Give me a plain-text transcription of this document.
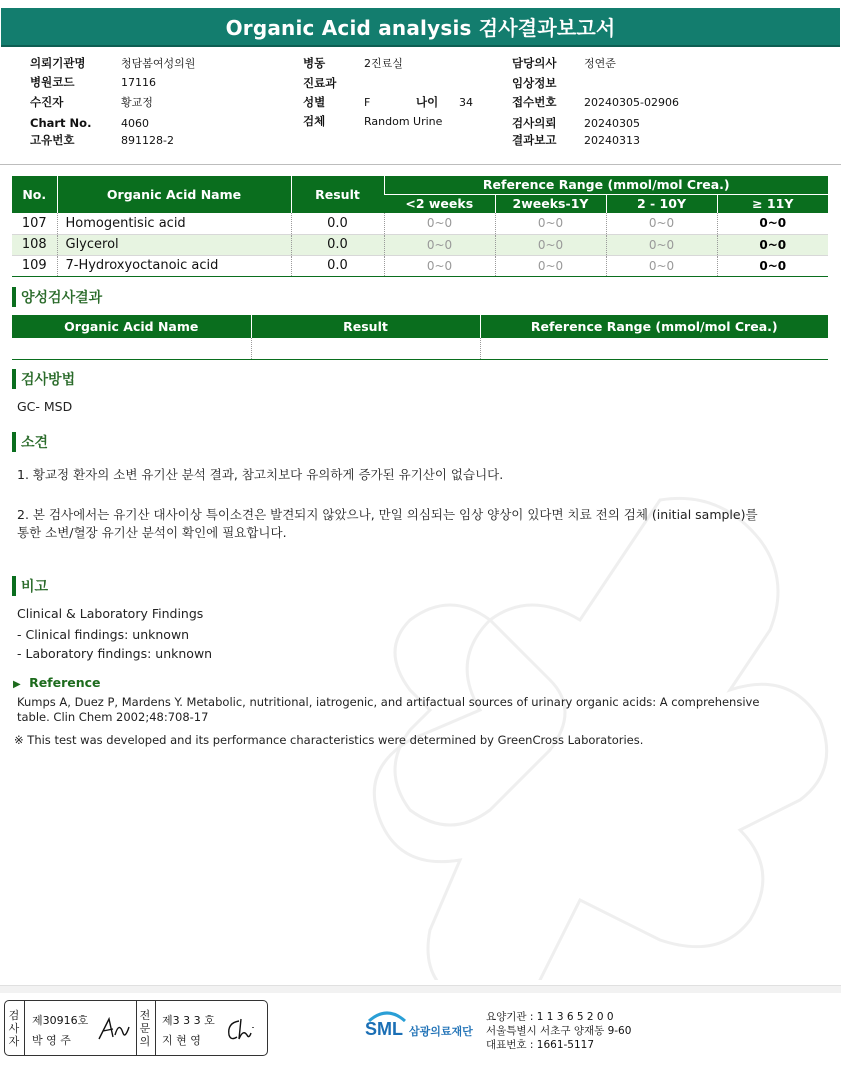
Organic Acid analysis 검사결과보고서
의뢰기관명	청담봄여성의원
병원코드	17116
수진자	황교정
Chart No.	4060
고유번호	891128-2
병동	2진료실
진료과
성별	F	나이 34
검체	Random Urine
담당의사	정연준
임상정보
접수번호	20240305-02906
검사의뢰	20240305
결과보고	20240313
No.	Organic Acid Name	Result	Reference Range (mmol/mol Crea.)			
			<2 weeks	2weeks-1Y	2 - 10Y	≥ 11Y
107	Homogentisic acid	0.0	0~0	0~0	0~0	0~0
108	Glycerol	0.0	0~0	0~0	0~0	0~0
109	7-Hydroxyoctanoic acid	0.0	0~0	0~0	0~0	0~0
양성검사결과
Organic Acid Name	Result	Reference Range (mmol/mol Crea.)

검사방법
GC- MSD
소견
1. 황교정 환자의 소변 유기산 분석 결과, 참고치보다 유의하게 증가된 유기산이 없습니다.
2. 본 검사에서는 유기산 대사이상 특이소견은 발견되지 않았으나, 만일 의심되는 임상 양상이 있다면 치료 전의 검체 (initial sample)를
통한 소변/혈장 유기산 분석이 확인에 필요합니다.
비고
Clinical & Laboratory Findings
- Clinical findings: unknown
- Laboratory findings: unknown
▶ Reference
Kumps A, Duez P, Mardens Y. Metabolic, nutritional, iatrogenic, and artifactual sources of urinary organic acids: A comprehensive
table. Clin Chem 2002;48:708-17
※ This test was developed and its performance characteristics were determined by GreenCross Laboratories.
검
사
자
제30916호
박 영 주
전
문
의
제3 3 3 호
지 현 영
SML 삼광의료재단
요양기관 : 1 1 3 6 5 2 0 0
서울특별시 서초구 양재동 9-60
대표번호 : 1661-5117
